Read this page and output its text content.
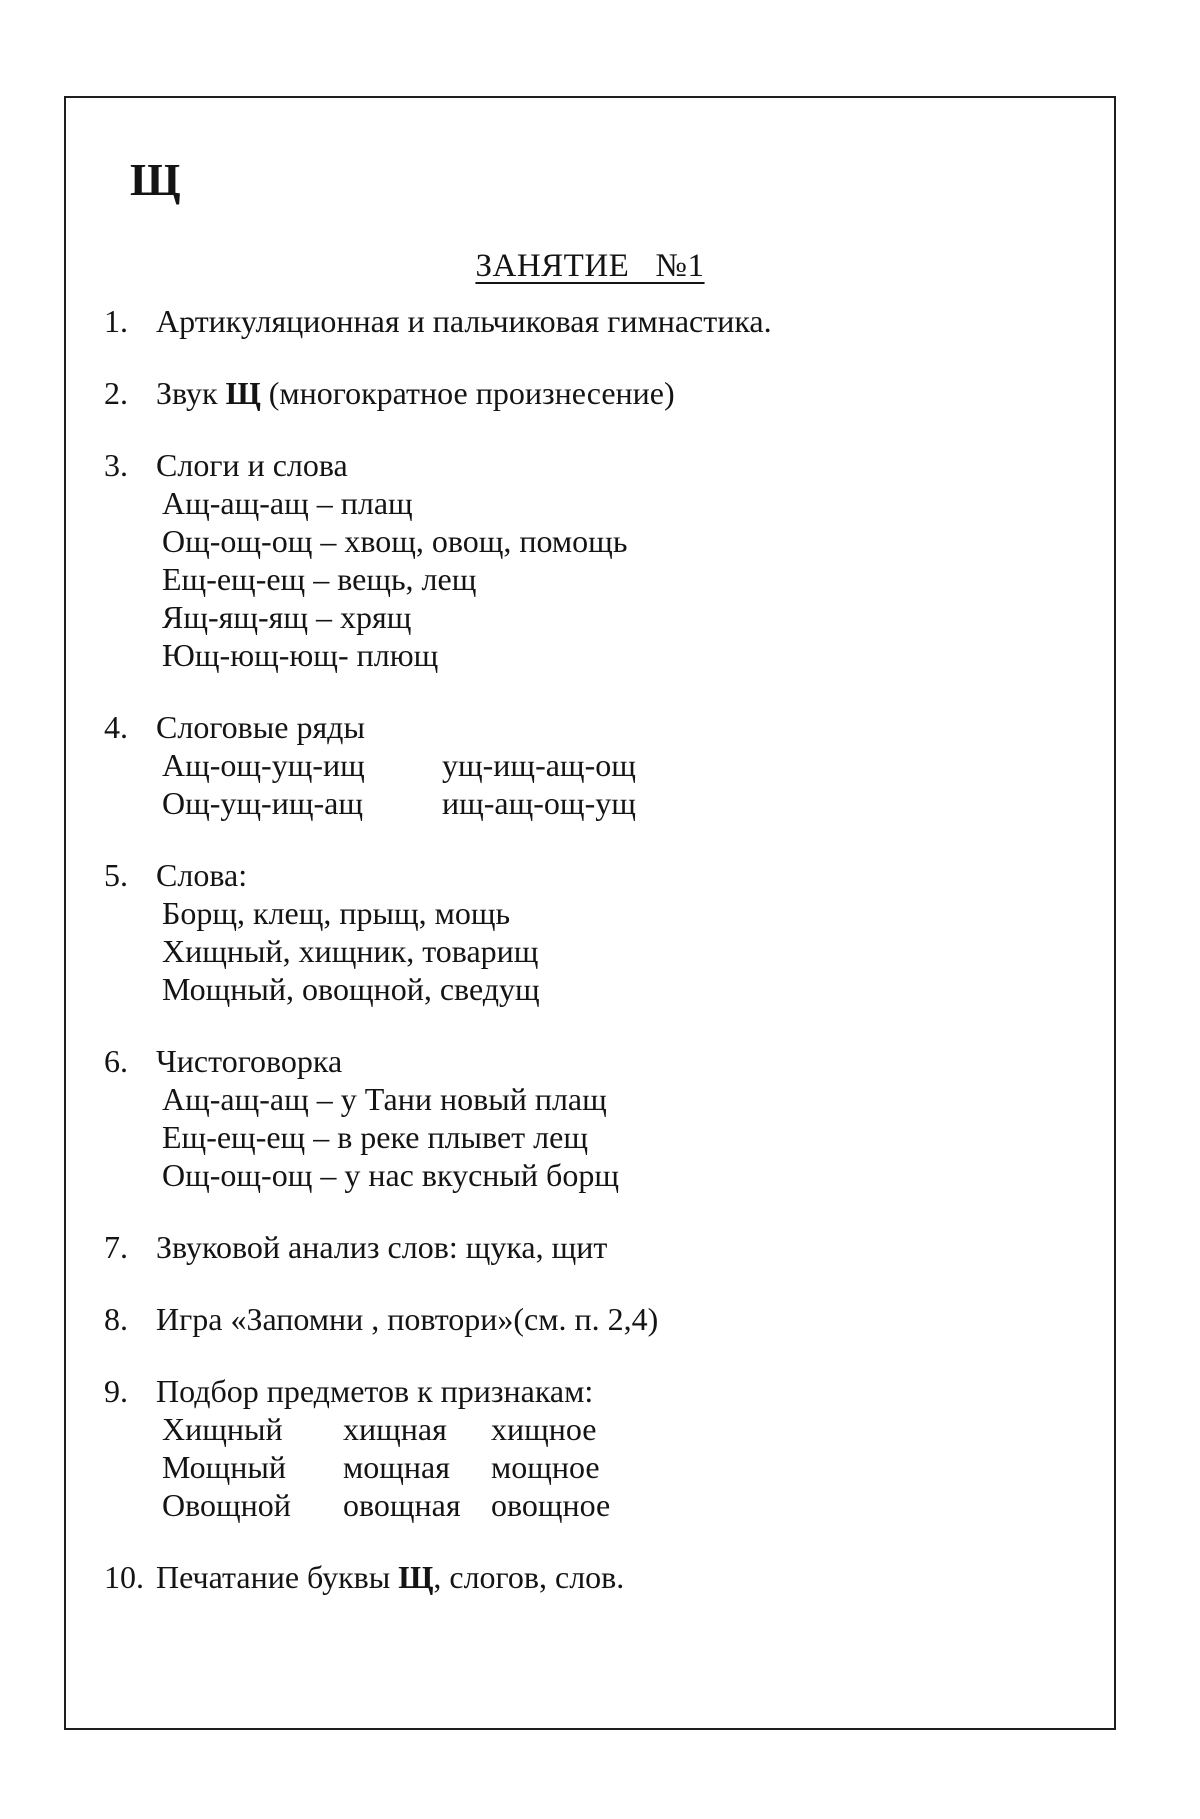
Щ
ЗАНЯТИЕ   №1
1. Артикуляционная и пальчиковая гимнастика.
2. Звук Щ (многократное произнесение)
3. Слоги и слова
Ащ-ащ-ащ – плащ
Ощ-ощ-ощ – хвощ, овощ, помощь
Ещ-ещ-ещ – вещь, лещ
Ящ-ящ-ящ – хрящ
Ющ-ющ-ющ- плющ
4. Слоговые ряды
Ащ-ощ-ущ-ищ ущ-ищ-ащ-ощ
Ощ-ущ-ищ-ащ ищ-ащ-ощ-ущ
5. Слова:
Борщ, клещ, прыщ, мощь
Хищный, хищник, товарищ
Мощный, овощной, сведущ
6. Чистоговорка
Ащ-ащ-ащ – у Тани новый плащ
Ещ-ещ-ещ – в реке плывет лещ
Ощ-ощ-ощ – у нас вкусный борщ
7. Звуковой анализ слов: щука, щит
8. Игра «Запомни , повтори»(см. п. 2,4)
9. Подбор предметов к признакам:
Хищный хищная хищное
Мощный мощная мощное
Овощной овощная овощное
10. Печатание буквы Щ, слогов, слов.
